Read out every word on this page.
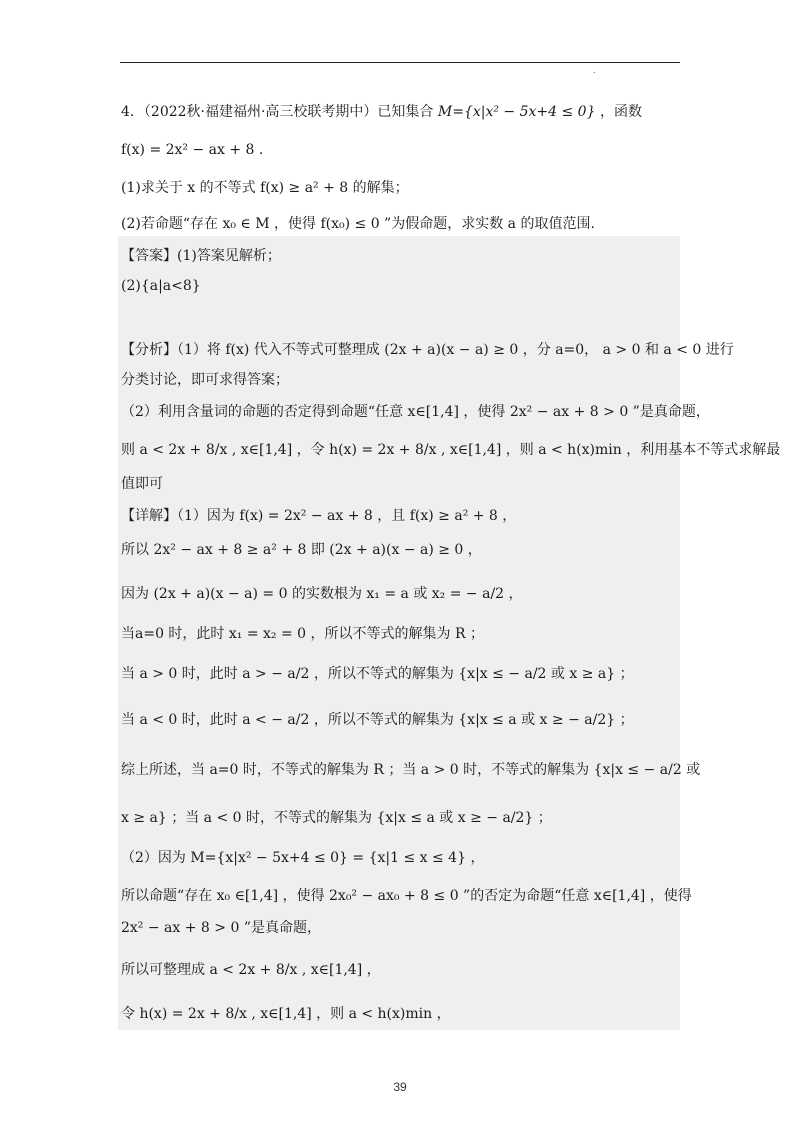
.
4．（2022秋·福建福州·高三校联考期中）已知集合 M={x|x² − 5x+4 ≤ 0} ，函数
f(x) = 2x² − ax + 8 .
(1)求关于 x 的不等式 f(x) ≥ a² + 8 的解集；
(2)若命题“存在 x₀ ∈ M ，使得 f(x₀) ≤ 0 ”为假命题，求实数 a 的取值范围.
【答案】(1)答案见解析；
(2){a|a<8}
【分析】（1）将 f(x) 代入不等式可整理成 (2x + a)(x − a) ≥ 0 ，分 a=0， a > 0 和 a < 0 进行
分类讨论，即可求得答案；
（2）利用含量词的命题的否定得到命题“任意 x∈[1,4] ，使得 2x² − ax + 8 > 0 ”是真命题，
则 a < 2x + 8/x , x∈[1,4] ，令 h(x) = 2x + 8/x , x∈[1,4] ，则 a < h(x)min ，利用基本不等式求解最
值即可
【详解】（1）因为 f(x) = 2x² − ax + 8 ，且 f(x) ≥ a² + 8 ，
所以 2x² − ax + 8 ≥ a² + 8 即 (2x + a)(x − a) ≥ 0 ，
因为 (2x + a)(x − a) = 0 的实数根为 x₁ = a 或 x₂ = − a/2 ，
当a=0 时，此时 x₁ = x₂ = 0 ，所以不等式的解集为 R ；
当 a > 0 时，此时 a > − a/2 ，所以不等式的解集为 {x|x ≤ − a/2 或 x ≥ a} ；
当 a < 0 时，此时 a < − a/2 ，所以不等式的解集为 {x|x ≤ a 或 x ≥ − a/2} ；
综上所述，当 a=0 时，不等式的解集为 R ；当 a > 0 时，不等式的解集为 {x|x ≤ − a/2 或
x ≥ a} ；当 a < 0 时，不等式的解集为 {x|x ≤ a 或 x ≥ − a/2} ；
（2）因为 M={x|x² − 5x+4 ≤ 0} = {x|1 ≤ x ≤ 4} ，
所以命题“存在 x₀ ∈[1,4] ，使得 2x₀² − ax₀ + 8 ≤ 0 ”的否定为命题“任意 x∈[1,4] ，使得
2x² − ax + 8 > 0 ”是真命题，
所以可整理成 a < 2x + 8/x , x∈[1,4] ，
令 h(x) = 2x + 8/x , x∈[1,4] ，则 a < h(x)min ，
39
